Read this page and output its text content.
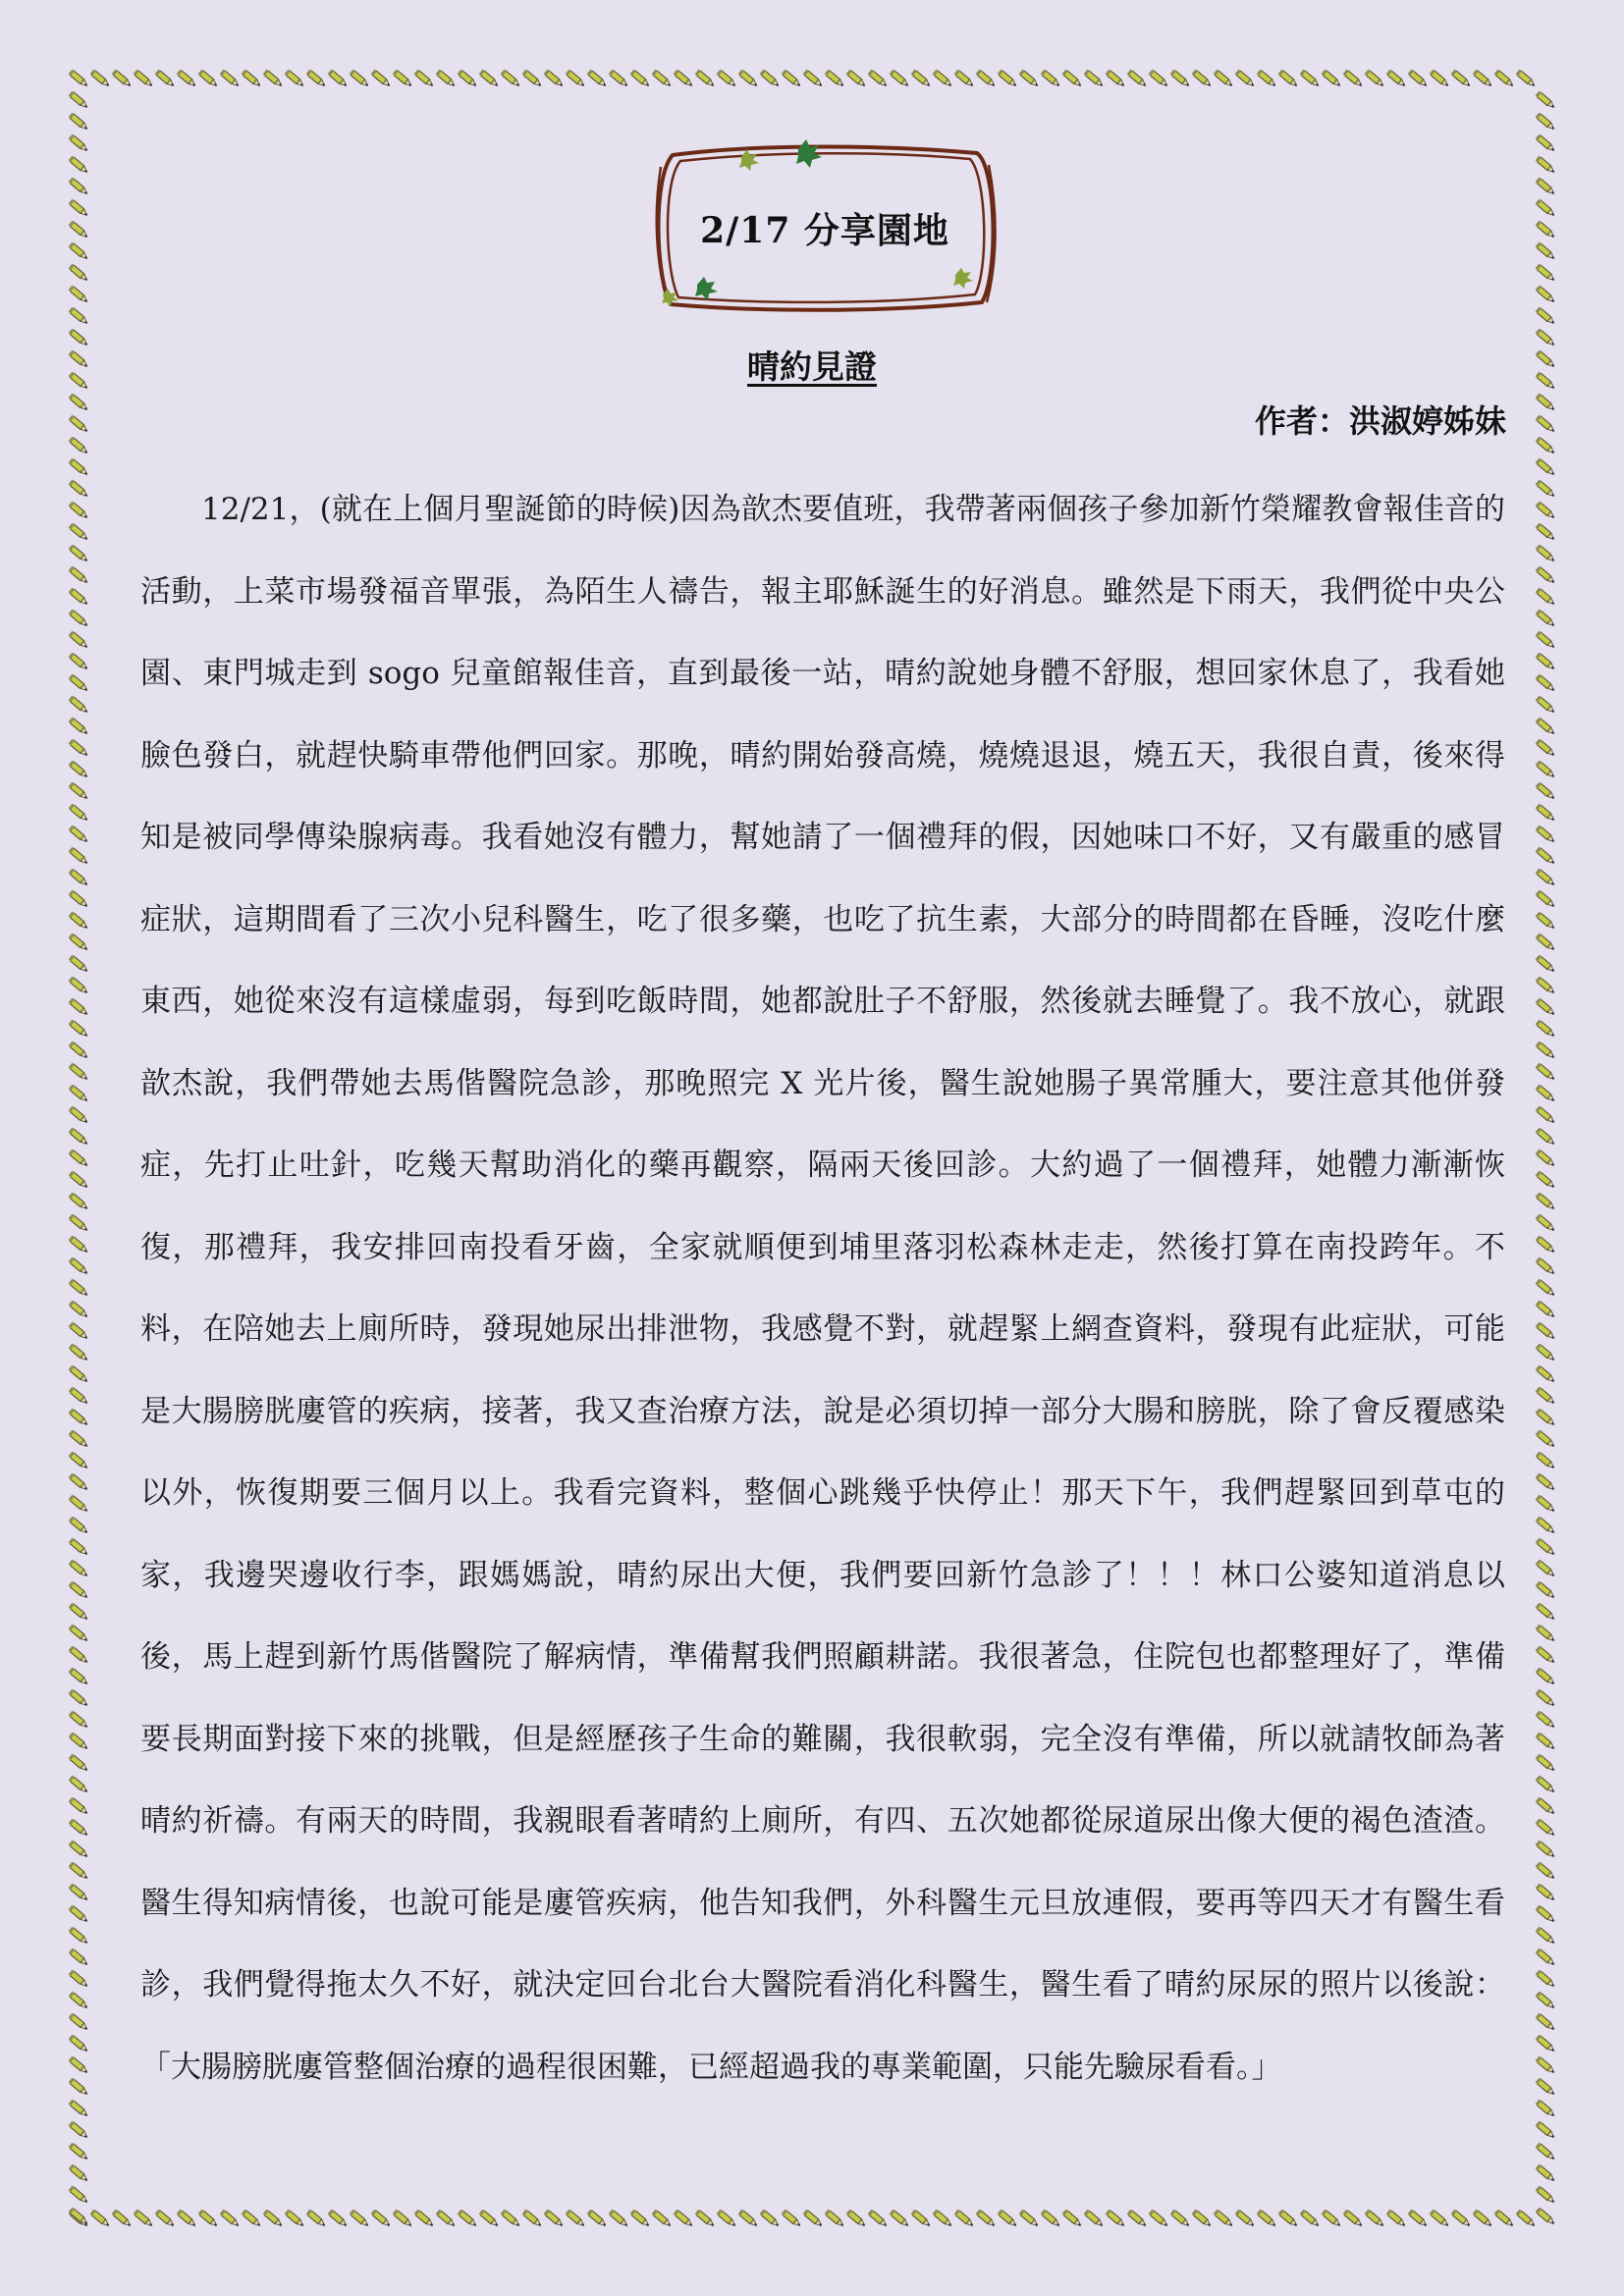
2/17 分享園地
晴約見證
作者：洪淑婷姊妹

12/21，(就在上個月聖誕節的時候)因為歆杰要值班，我帶著兩個孩子參加新竹榮耀教會報佳音的活動，上菜市場發福音單張，為陌生人禱告，報主耶穌誕生的好消息。雖然是下雨天，我們從中央公園、東門城走到 sogo 兒童館報佳音，直到最後一站，晴約說她身體不舒服，想回家休息了，我看她臉色發白，就趕快騎車帶他們回家。那晚，晴約開始發高燒，燒燒退退，燒五天，我很自責，後來得知是被同學傳染腺病毒。我看她沒有體力，幫她請了一個禮拜的假，因她味口不好，又有嚴重的感冒症狀，這期間看了三次小兒科醫生，吃了很多藥，也吃了抗生素，大部分的時間都在昏睡，沒吃什麼東西，她從來沒有這樣虛弱，每到吃飯時間，她都說肚子不舒服，然後就去睡覺了。我不放心，就跟歆杰說，我們帶她去馬偕醫院急診，那晚照完 X 光片後，醫生說她腸子異常腫大，要注意其他併發症，先打止吐針，吃幾天幫助消化的藥再觀察，隔兩天後回診。大約過了一個禮拜，她體力漸漸恢復，那禮拜，我安排回南投看牙齒，全家就順便到埔里落羽松森林走走，然後打算在南投跨年。不料，在陪她去上廁所時，發現她尿出排泄物，我感覺不對，就趕緊上網查資料，發現有此症狀，可能是大腸膀胱廔管的疾病，接著，我又查治療方法，說是必須切掉一部分大腸和膀胱，除了會反覆感染以外，恢復期要三個月以上。我看完資料，整個心跳幾乎快停止！那天下午，我們趕緊回到草屯的家，我邊哭邊收行李，跟媽媽說，晴約尿出大便，我們要回新竹急診了！！！林口公婆知道消息以後，馬上趕到新竹馬偕醫院了解病情，準備幫我們照顧耕諾。我很著急，住院包也都整理好了，準備要長期面對接下來的挑戰，但是經歷孩子生命的難關，我很軟弱，完全沒有準備，所以就請牧師為著晴約祈禱。有兩天的時間，我親眼看著晴約上廁所，有四、五次她都從尿道尿出像大便的褐色渣渣。醫生得知病情後，也說可能是廔管疾病，他告知我們，外科醫生元旦放連假，要再等四天才有醫生看診，我們覺得拖太久不好，就決定回台北台大醫院看消化科醫生，醫生看了晴約尿尿的照片以後說：「大腸膀胱廔管整個治療的過程很困難，已經超過我的專業範圍，只能先驗尿看看。」
